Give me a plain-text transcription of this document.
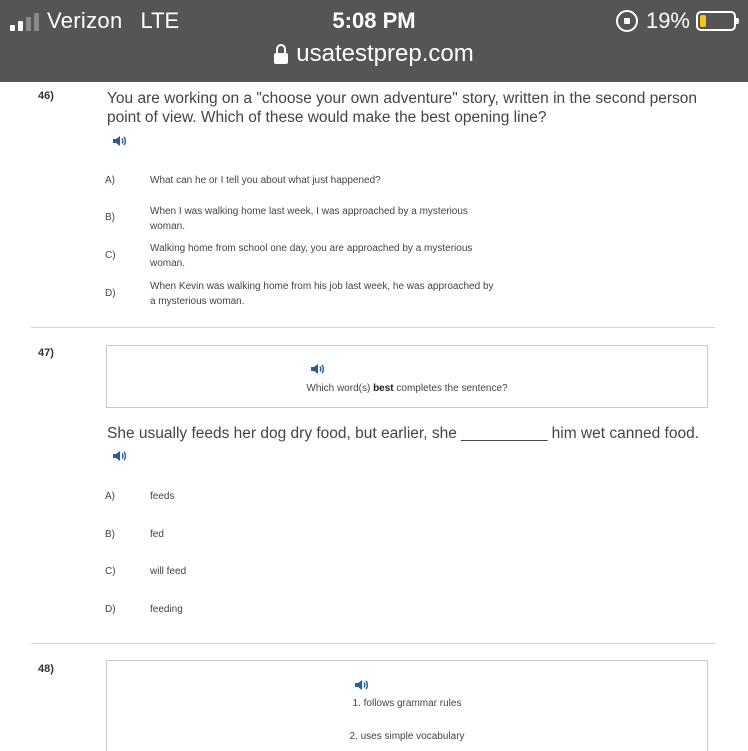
Verizon LTE	5:08 PM	19%
usatestprep.com
46)	You are working on a "choose your own adventure" story, written in the second person point of view. Which of these would make the best opening line?
A)	What can he or I tell you about what just happened?
B)
When I was walking home last week, I was approached by a mysterious woman.
C)
Walking home from school one day, you are approached by a mysterious woman.
D)
When Kevin was walking home from his job last week, he was approached by a mysterious woman.
47)
Which word(s) best completes the sentence?
She usually feeds her dog dry food, but earlier, she __________ him wet canned food.
A)	feeds
B)	fed
C)	will feed
D)	feeding
48)
1. follows grammar rules
2. uses simple vocabulary
